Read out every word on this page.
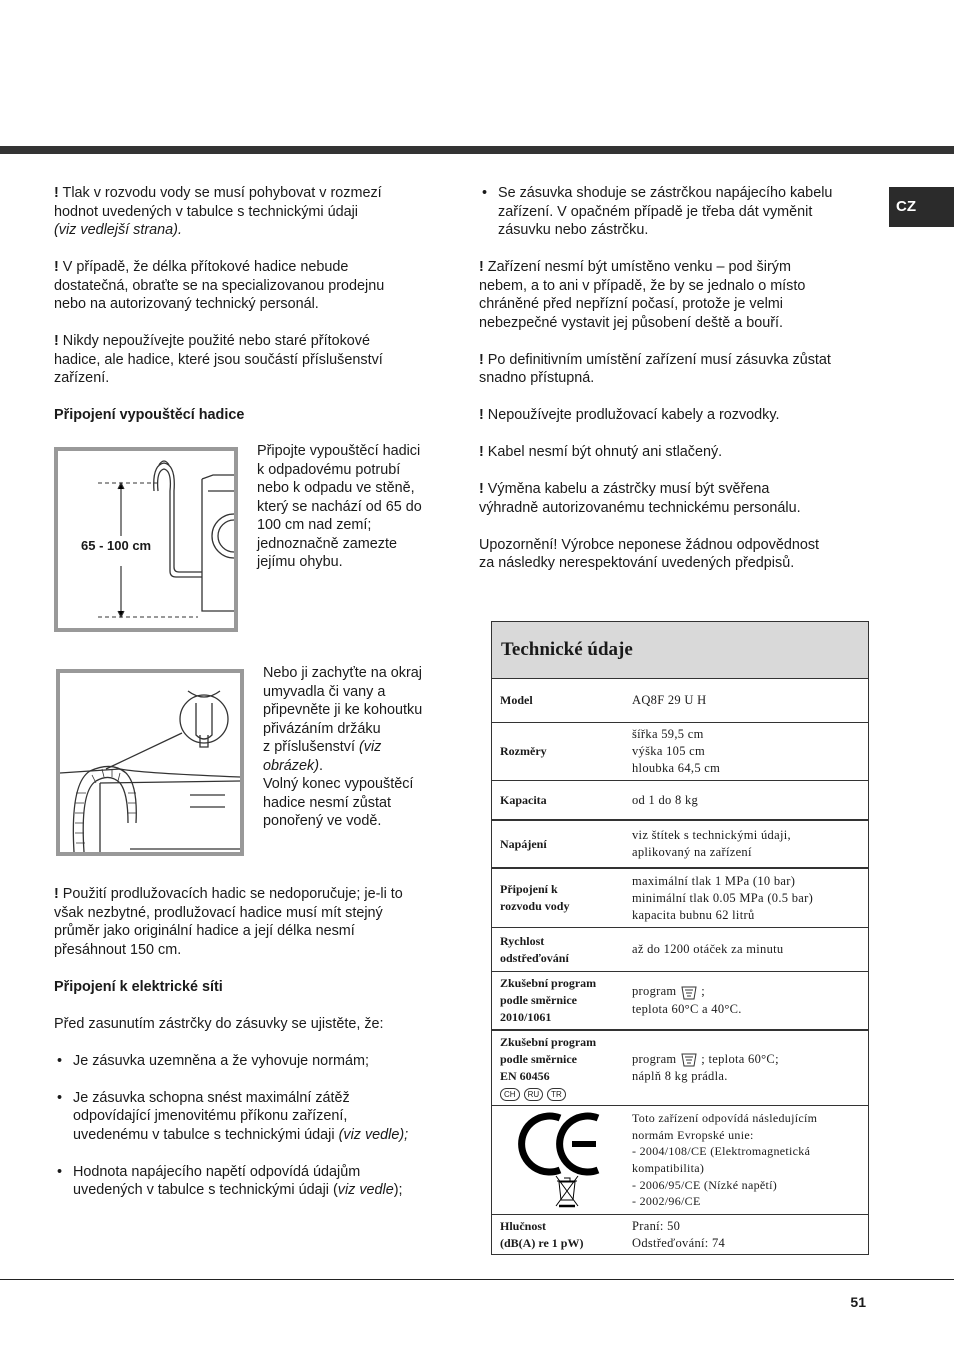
CZ

! Tlak v rozvodu vody se musí pohybovat v rozmezí

hodnot uvedených v tabulce s technickými údaji

(viz vedlejší strana).

! V případě, že délka přítokové hadice nebude

dostatečná, obraťte se na specializovanou prodejnu

nebo na autorizovaný technický personál.

! Nikdy nepoužívejte použité nebo staré přítokové

hadice, ale hadice, které jsou součástí příslušenství

zařízení.

Připojení vypouštěcí hadice

65 - 100 cm
Připojte vypouštěcí hadici
k odpadovému potrubí
nebo k odpadu ve stěně,
který se nachází od 65 do
100 cm nad zemí;
jednoznačně zamezte
jejímu ohybu.
Nebo ji zachyťte na okraj
umyvadla či vany a
připevněte ji ke kohoutku
přivázáním držáku
z příslušenství (viz
obrázek).
Volný konec vypouštěcí
hadice nesmí zůstat
ponořený ve vodě.

! Použití prodlužovacích hadic se nedoporučuje; je-li to

však nezbytné, prodlužovací hadice musí mít stejný

průměr jako originální hadice a její délka nesmí

přesáhnout 150 cm.

Připojení k elektrické síti

Před zasunutím zástrčky do zásuvky se ujistěte, že:

• Je zásuvka uzemněna a že vyhovuje normám;

• Je zásuvka schopna snést maximální zátěž

odpovídající jmenovitému příkonu zařízení,

uvedenému v tabulce s technickými údaji (viz vedle);

• Hodnota napájecího napětí odpovídá údajům

uvedených v tabulce s technickými údaji (viz vedle);

• Se zásuvka shoduje se zástrčkou napájecího kabelu

zařízení. V opačném případě je třeba dát vyměnit

zásuvku nebo zástrčku.

! Zařízení nesmí být umístěno venku – pod širým

nebem, a to ani v případě, že by se jednalo o místo

chráněné před nepřízní počasí, protože je velmi

nebezpečné vystavit jej působení deště a bouří.

! Po definitivním umístění zařízení musí zásuvka zůstat

snadno přístupná.

! Nepoužívejte prodlužovací kabely a rozvodky.

! Kabel nesmí být ohnutý ani stlačený.

! Výměna kabelu a zástrčky musí být svěřena

výhradně autorizovanému technickému personálu.

Upozornění! Výrobce neponese žádnou odpovědnost

za následky nerespektování uvedených předpisů.

Technické údaje
Model	AQ8F 29 U H
Rozměry
šířka 59,5 cm
výška 105 cm
hloubka 64,5 cm
Kapacita	od 1 do 8 kg
Napájení
viz štítek s technickými údaji,
aplikovaný na zařízení
Připojení k
rozvodu vody
maximální tlak 1 MPa (10 bar)
minimální tlak 0.05 MPa (0.5 bar)
kapacita bubnu 62 litrů
Rychlost
odstřeďování
až do 1200 otáček za minutu
Zkušební program
podle směrnice
2010/1061
program  ;
teplota 60°C a 40°C.
Zkušební program
podle směrnice
EN 60456
CH RU TR
program  ; teplota 60°C;
náplň 8 kg prádla.
Toto zařízení odpovídá následujícím
normám Evropské unie:
- 2004/108/CE (Elektromagnetická
kompatibilita)
- 2006/95/CE (Nízké napětí)
- 2002/96/CE
Hlučnost
(dB(A) re 1 pW)
Praní: 50
Odstřeďování: 74
51
